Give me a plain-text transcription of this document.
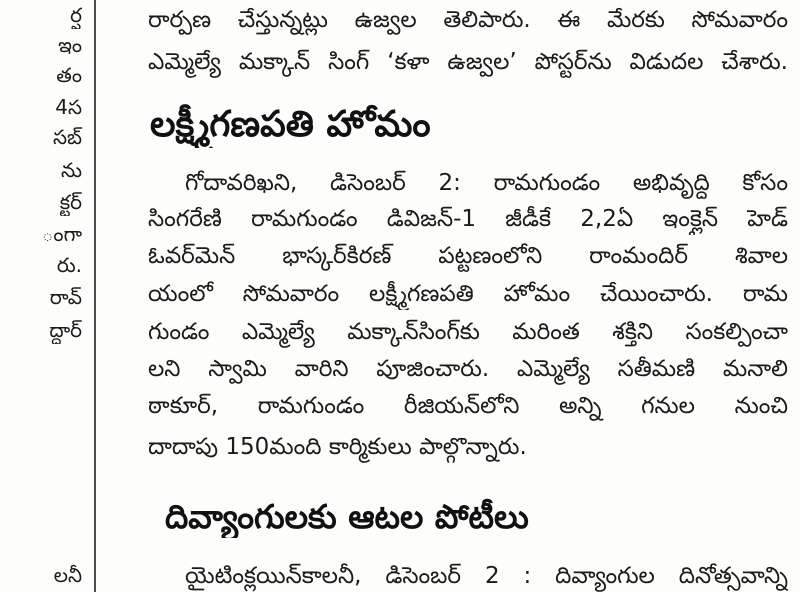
ర్ష
ఇం
తం
4స
సబ్
ను
క్టర్
ంగా
రు.
రావ్
ద్దార్
లనీ
రార్పణ చేస్తున్నట్లు ఉజ్వల తెలిపారు. ఈ మేరకు సోమవారం
ఎమ్మెల్యే మక్కాన్ సింగ్ ‘కళా ఉజ్వల’ పోస్టర్‌ను విడుదల చేశారు.
లక్ష్మీగణపతి హోమం
గోదావరిఖని, డిసెంబర్ 2: రామగుండం అభివృద్ధి కోసం
సింగరేణి రామగుండం డివిజన్-1 జీడీకే 2,2ఏ ఇంక్లైన్ హెడ్
ఓవర్‌మెన్ భాస్కర్‌కిరణ్ పట్టణంలోని రాంమందిర్ శివాల
యంలో సోమవారం లక్ష్మీగణపతి హోమం చేయించారు. రామ
గుండం ఎమ్మెల్యే మక్కాన్‌సింగ్‌కు మరింత శక్తిని సంకల్పించా
లని స్వామి వారిని పూజించారు. ఎమ్మెల్యే సతీమణి మనాలి
ఠాకూర్, రామగుండం రీజియన్‌లోని అన్ని గనుల నుంచి
దాదాపు 150మంది కార్మికులు పాల్గొన్నారు.
దివ్యాంగులకు ఆటల పోటీలు
యైటింక్లయిన్‌కాలనీ, డిసెంబర్ 2 : దివ్యాంగుల దినోత్సవాన్ని
